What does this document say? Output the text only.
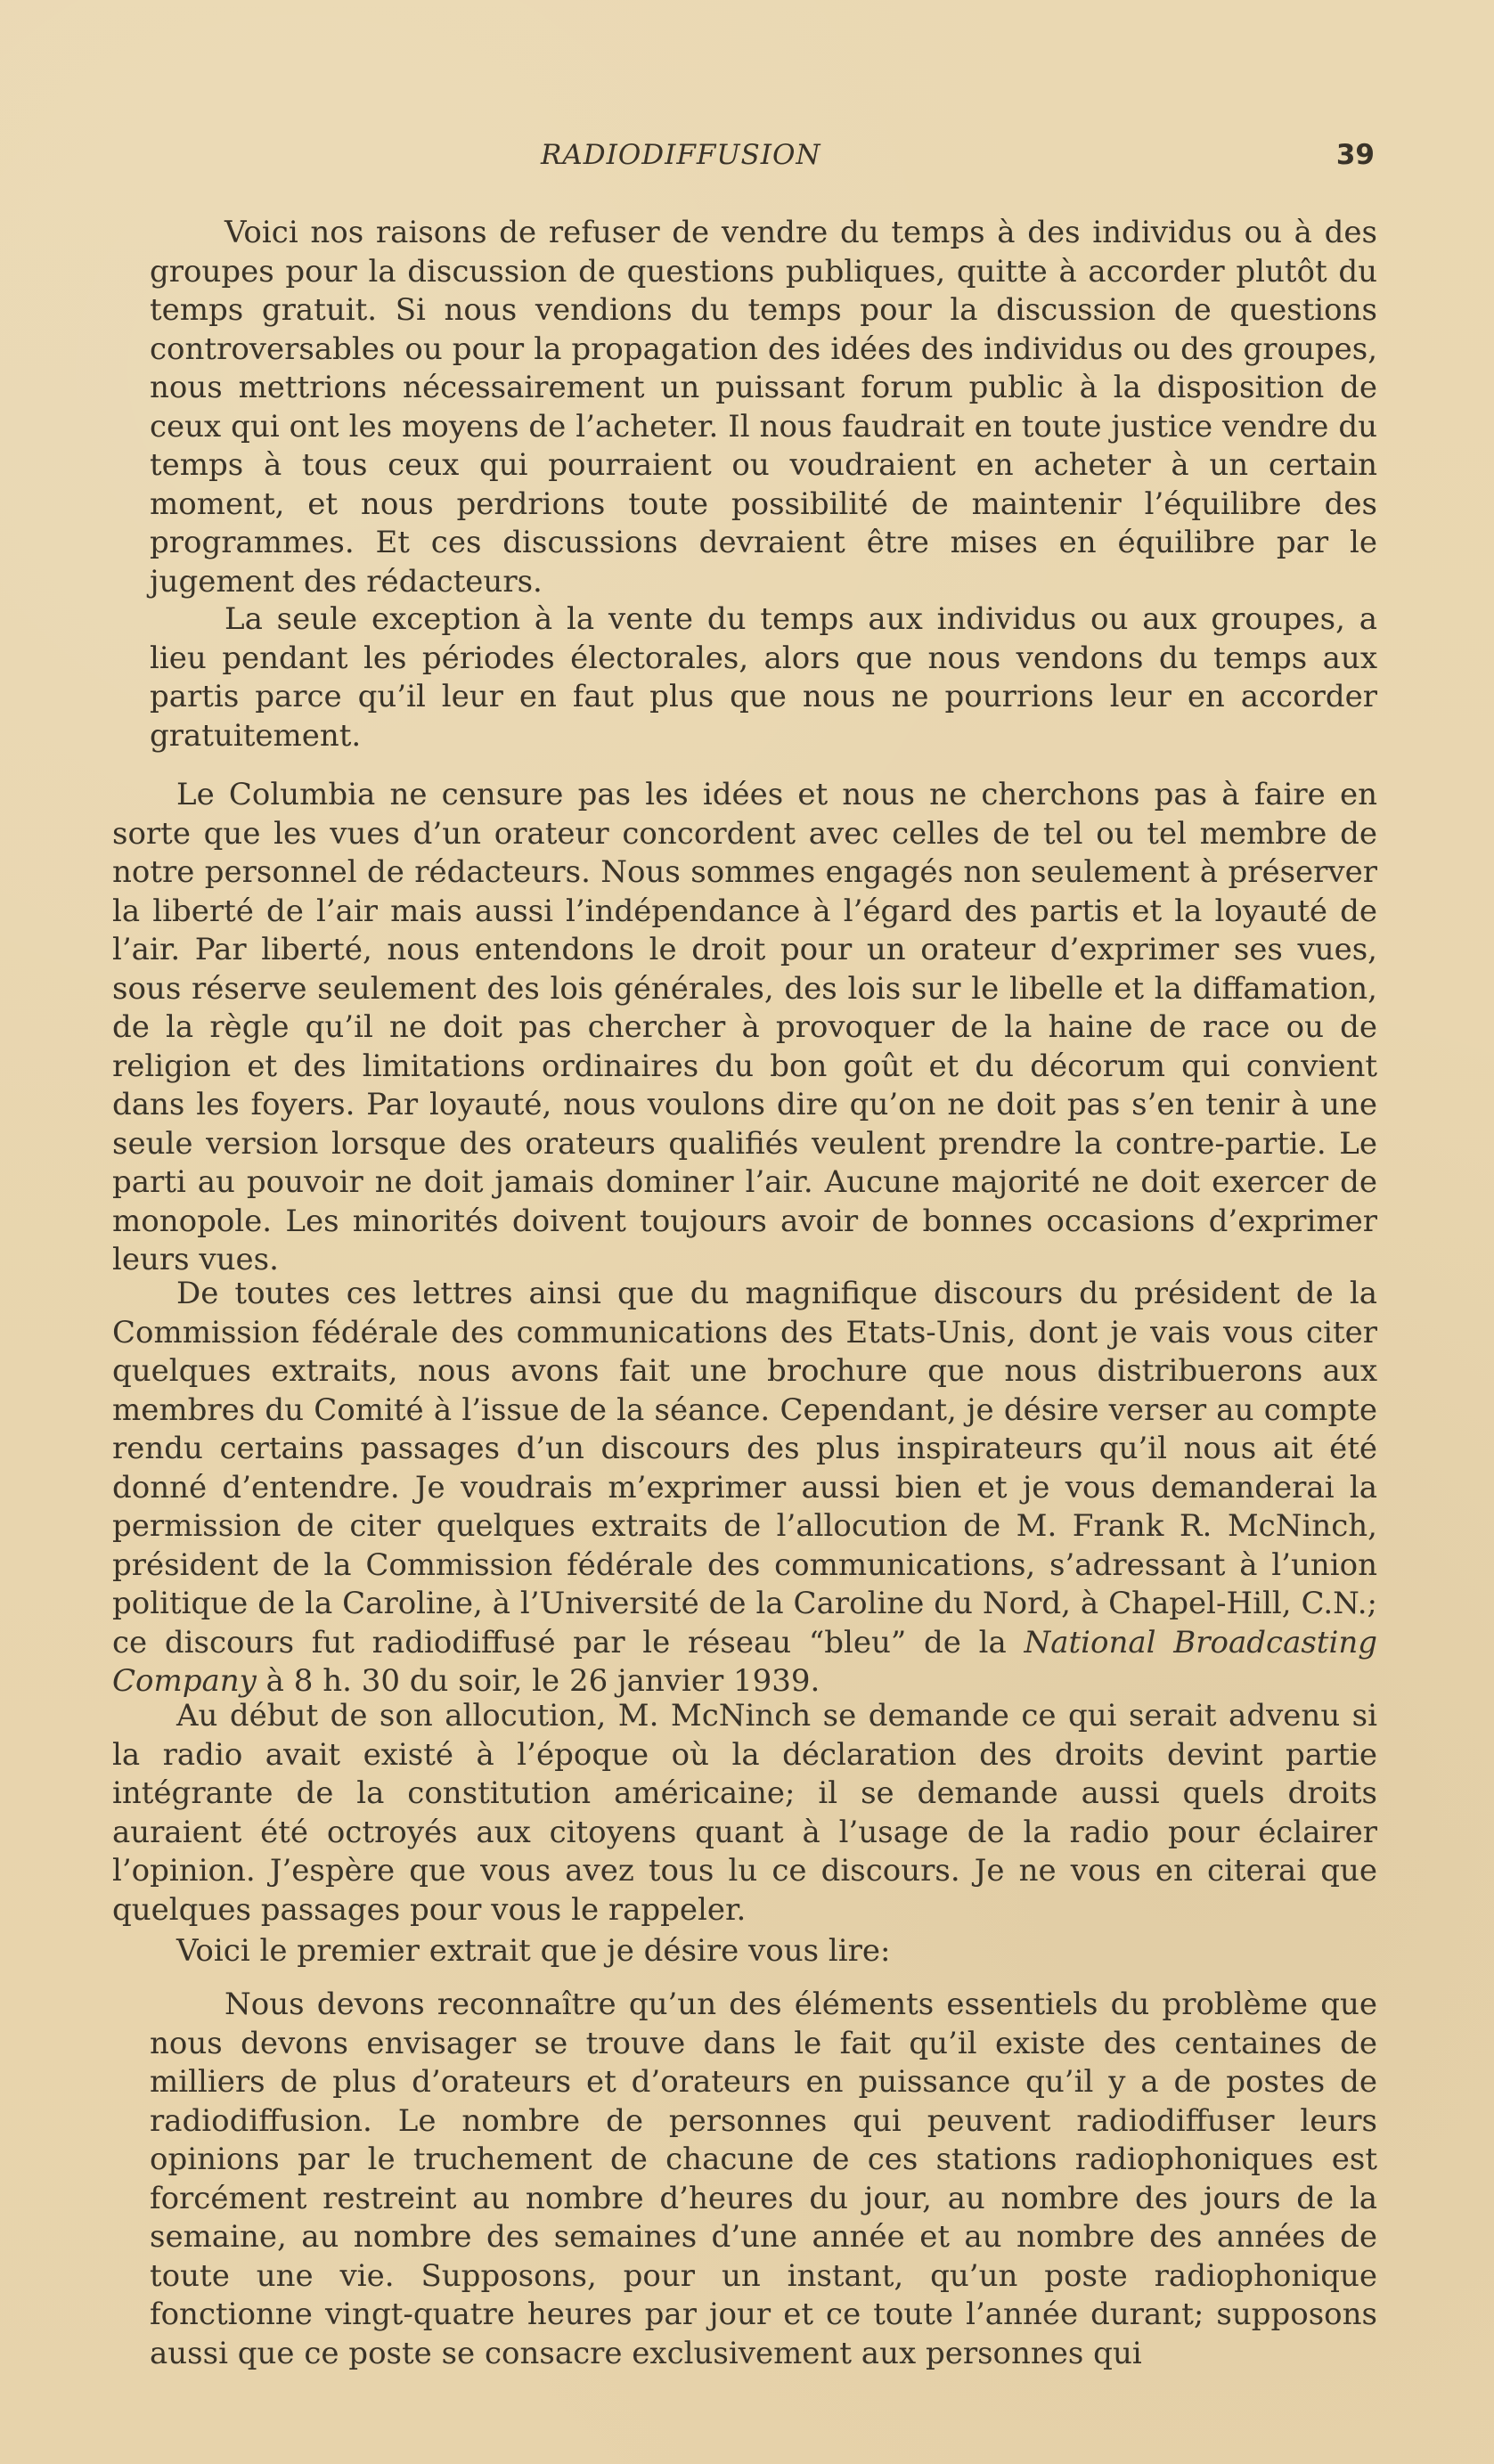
RADIODIFFUSION	39

Voici nos raisons de refuser de vendre du temps à des individus ou à des groupes pour la discussion de questions publiques, quitte à accorder plutôt du temps gratuit. Si nous vendions du temps pour la discussion de questions controversables ou pour la propagation des idées des individus ou des groupes, nous mettrions nécessairement un puissant forum public à la disposition de ceux qui ont les moyens de l’acheter. Il nous faudrait en toute justice vendre du temps à tous ceux qui pourraient ou voudraient en acheter à un certain moment, et nous perdrions toute possibilité de maintenir l’équilibre des programmes. Et ces discussions devraient être mises en équilibre par le jugement des rédacteurs.

La seule exception à la vente du temps aux individus ou aux groupes, a lieu pendant les périodes électorales, alors que nous vendons du temps aux partis parce qu’il leur en faut plus que nous ne pourrions leur en accorder gratuitement.

Le Columbia ne censure pas les idées et nous ne cherchons pas à faire en sorte que les vues d’un orateur concordent avec celles de tel ou tel membre de notre personnel de rédacteurs. Nous sommes engagés non seulement à préserver la liberté de l’air mais aussi l’indépendance à l’égard des partis et la loyauté de l’air. Par liberté, nous entendons le droit pour un orateur d’exprimer ses vues, sous réserve seulement des lois générales, des lois sur le libelle et la diffamation, de la règle qu’il ne doit pas chercher à provoquer de la haine de race ou de religion et des limitations ordinaires du bon goût et du décorum qui convient dans les foyers. Par loyauté, nous voulons dire qu’on ne doit pas s’en tenir à une seule version lorsque des orateurs qualifiés veulent prendre la contre-partie. Le parti au pouvoir ne doit jamais dominer l’air. Aucune majorité ne doit exercer de monopole. Les minorités doivent toujours avoir de bonnes occasions d’exprimer leurs vues.

De toutes ces lettres ainsi que du magnifique discours du président de la Commission fédérale des communications des Etats-Unis, dont je vais vous citer quelques extraits, nous avons fait une brochure que nous distribuerons aux membres du Comité à l’issue de la séance. Cependant, je désire verser au compte rendu certains passages d’un discours des plus inspirateurs qu’il nous ait été donné d’entendre. Je voudrais m’exprimer aussi bien et je vous demanderai la permission de citer quelques extraits de l’allocution de M. Frank R. McNinch, président de la Commission fédérale des communications, s’adressant à l’union politique de la Caroline, à l’Université de la Caroline du Nord, à Chapel-Hill, C.N.; ce discours fut radiodiffusé par le réseau “bleu” de la National Broadcasting Company à 8 h. 30 du soir, le 26 janvier 1939.

Au début de son allocution, M. McNinch se demande ce qui serait advenu si la radio avait existé à l’époque où la déclaration des droits devint partie intégrante de la constitution américaine; il se demande aussi quels droits auraient été octroyés aux citoyens quant à l’usage de la radio pour éclairer l’opinion. J’espère que vous avez tous lu ce discours. Je ne vous en citerai que quelques passages pour vous le rappeler.

Voici le premier extrait que je désire vous lire:

Nous devons reconnaître qu’un des éléments essentiels du problème que nous devons envisager se trouve dans le fait qu’il existe des centaines de milliers de plus d’orateurs et d’orateurs en puissance qu’il y a de postes de radiodiffusion. Le nombre de personnes qui peuvent radiodiffuser leurs opinions par le truchement de chacune de ces stations radiophoniques est forcément restreint au nombre d’heures du jour, au nombre des jours de la semaine, au nombre des semaines d’une année et au nombre des années de toute une vie. Supposons, pour un instant, qu’un poste radiophonique fonctionne vingt-quatre heures par jour et ce toute l’année durant; supposons aussi que ce poste se consacre exclusivement aux personnes qui
